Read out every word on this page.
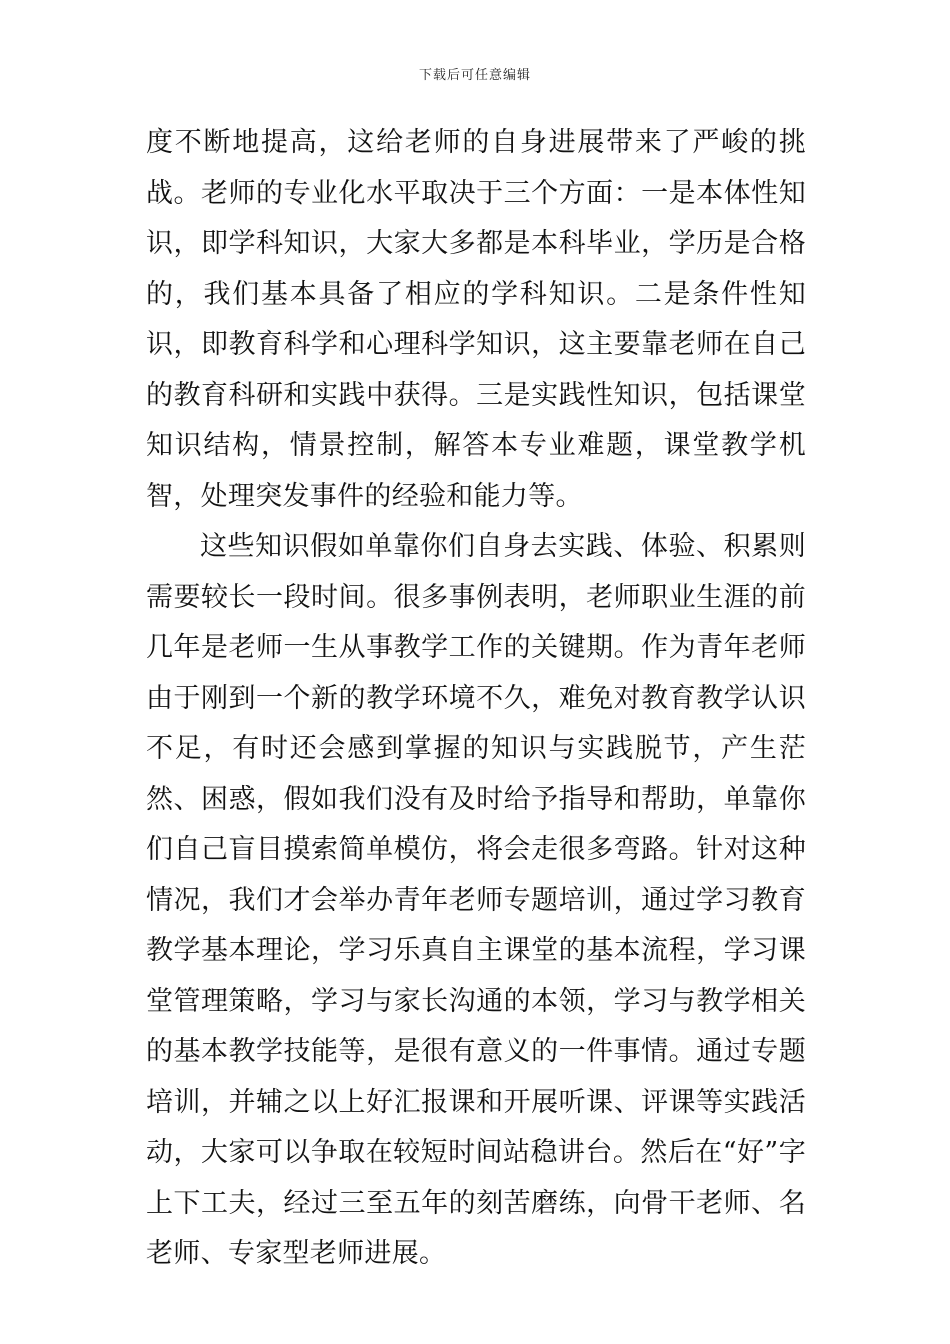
下载后可任意编辑

度不断地提高，这给老师的自身进展带来了严峻的挑战。老师的专业化水平取决于三个方面：一是本体性知识，即学科知识，大家大多都是本科毕业，学历是合格的，我们基本具备了相应的学科知识。二是条件性知识，即教育科学和心理科学知识，这主要靠老师在自己的教育科研和实践中获得。三是实践性知识，包括课堂知识结构，情景控制，解答本专业难题，课堂教学机智，处理突发事件的经验和能力等。

这些知识假如单靠你们自身去实践、体验、积累则需要较长一段时间。很多事例表明，老师职业生涯的前几年是老师一生从事教学工作的关键期。作为青年老师由于刚到一个新的教学环境不久，难免对教育教学认识不足，有时还会感到掌握的知识与实践脱节，产生茫然、困惑，假如我们没有及时给予指导和帮助，单靠你们自己盲目摸索简单模仿，将会走很多弯路。针对这种情况，我们才会举办青年老师专题培训，通过学习教育教学基本理论，学习乐真自主课堂的基本流程，学习课堂管理策略，学习与家长沟通的本领，学习与教学相关的基本教学技能等，是很有意义的一件事情。通过专题培训，并辅之以上好汇报课和开展听课、评课等实践活动，大家可以争取在较短时间站稳讲台。然后在“好”字上下工夫，经过三至五年的刻苦磨练，向骨干老师、名老师、专家型老师进展。
